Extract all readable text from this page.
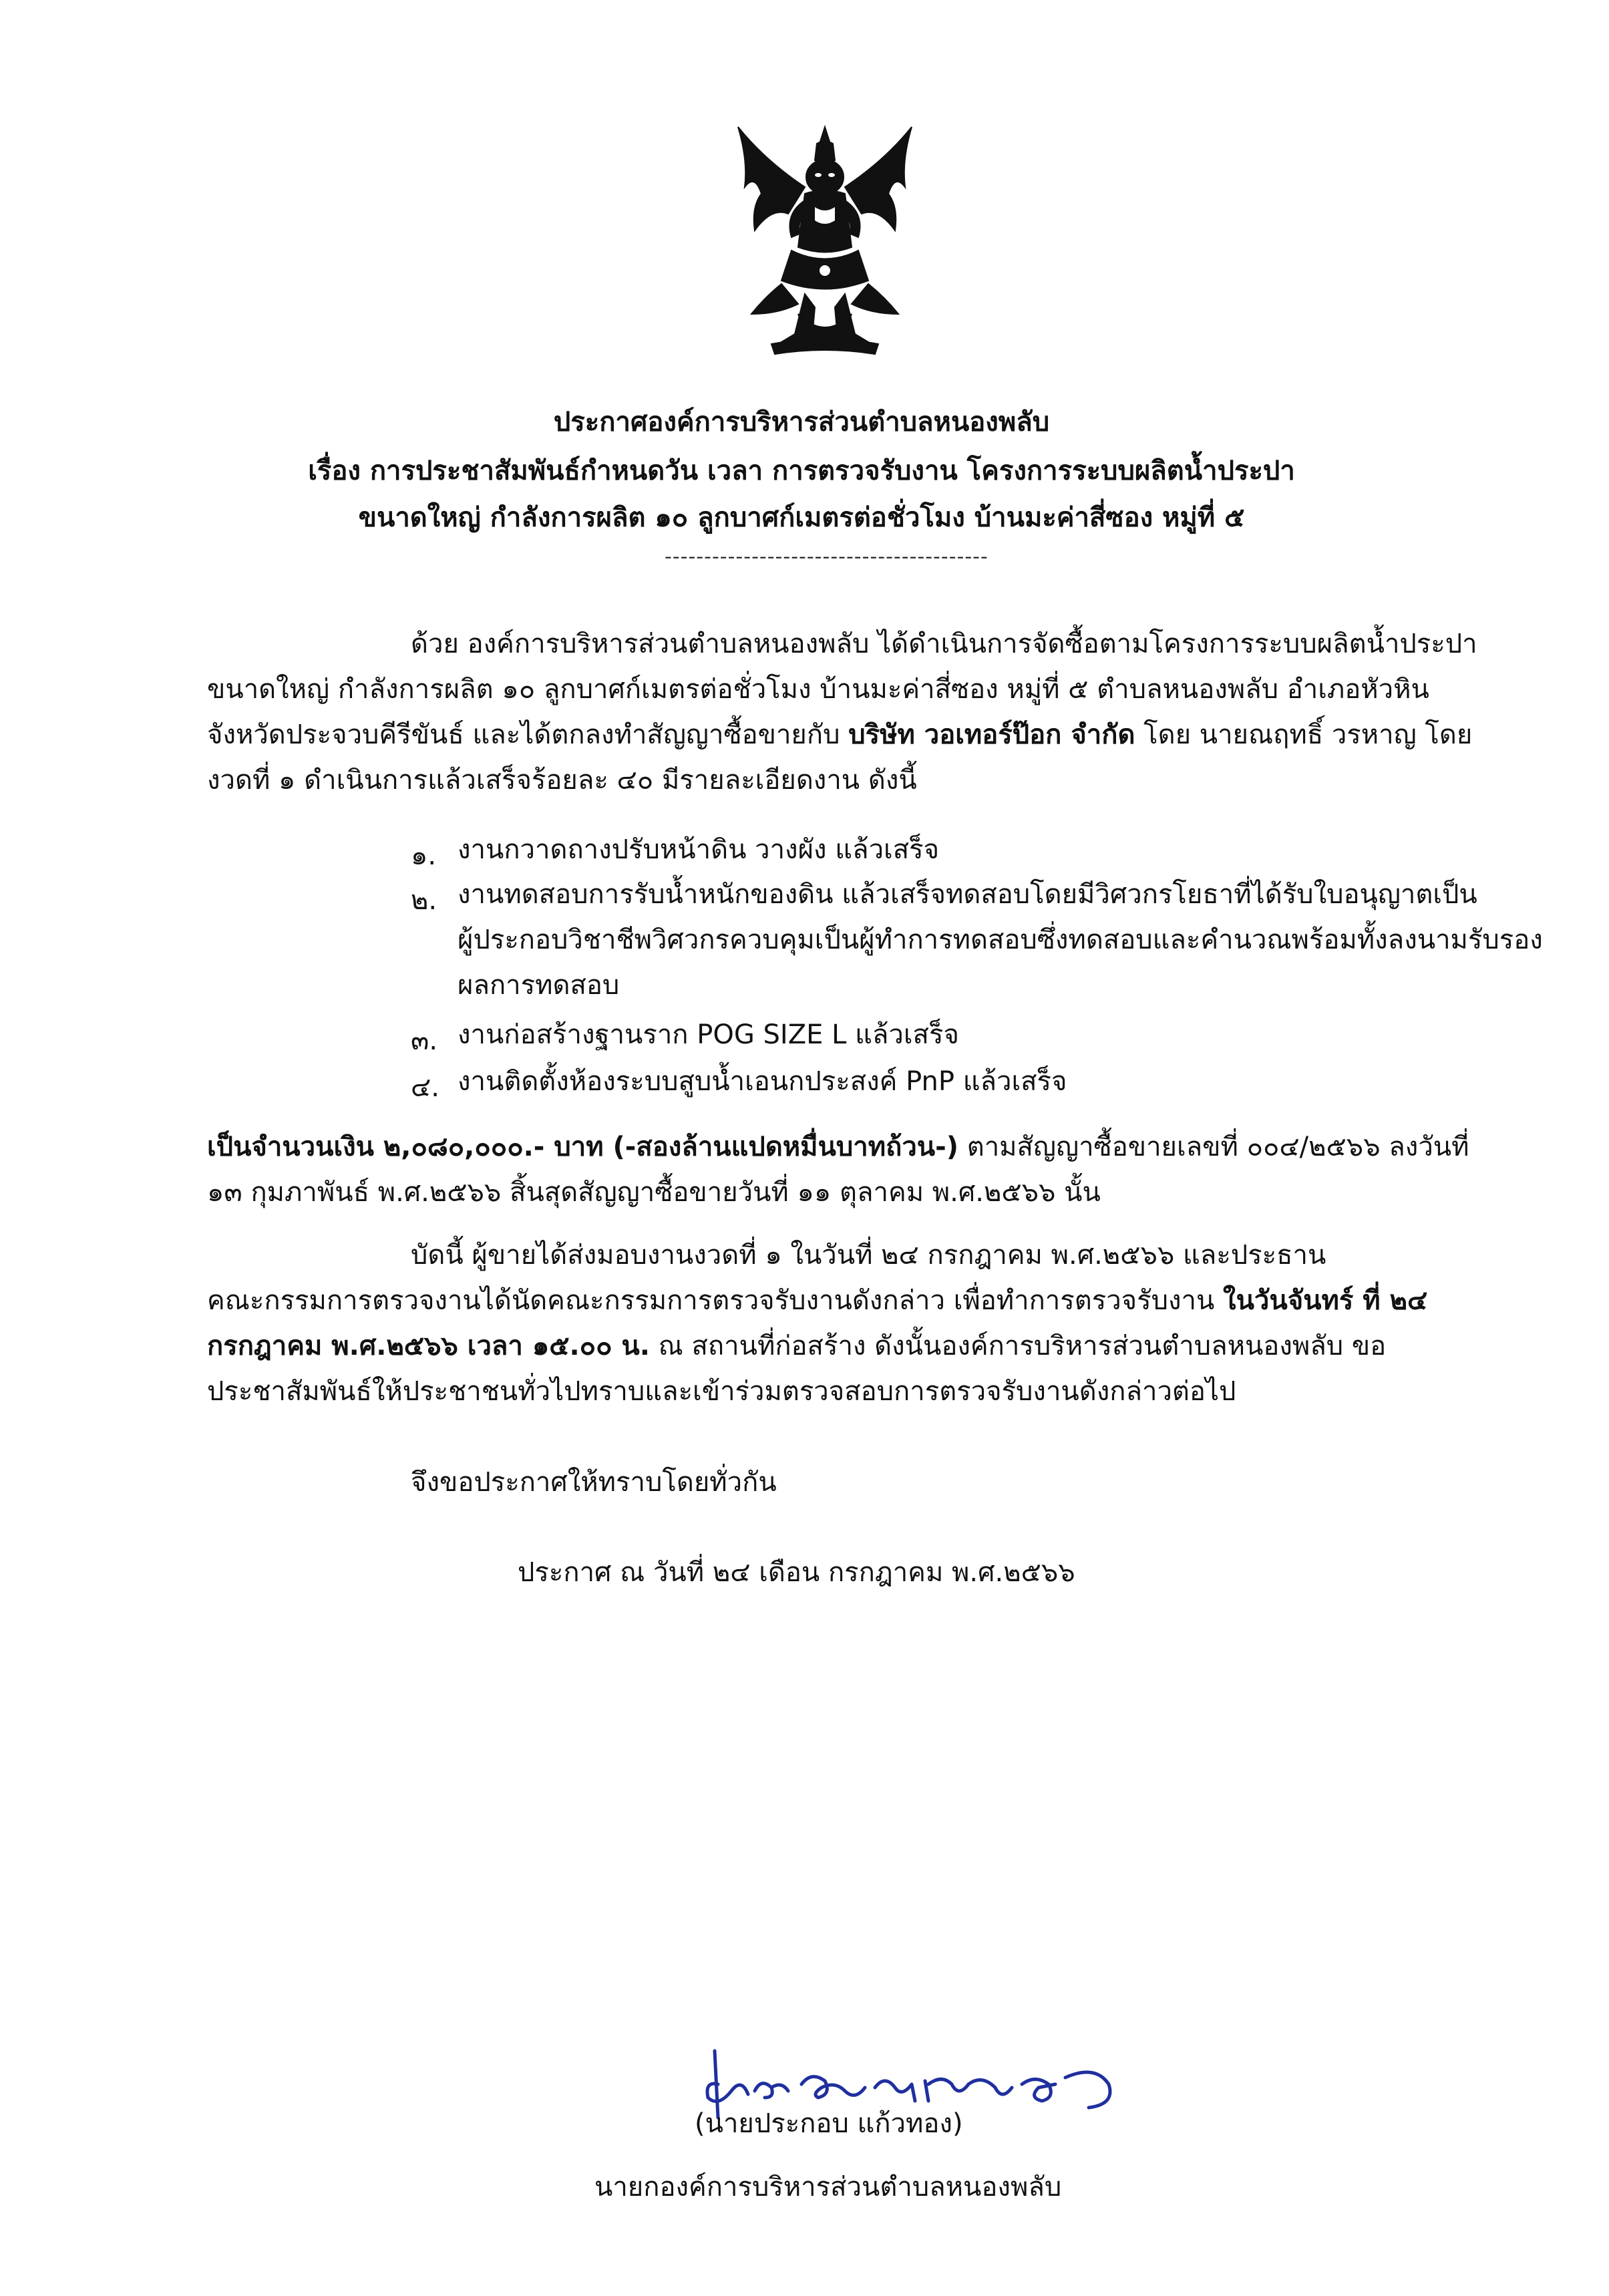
ประกาศองค์การบริหารส่วนตำบลหนองพลับ
เรื่อง การประชาสัมพันธ์กำหนดวัน เวลา การตรวจรับงาน โครงการระบบผลิตน้ำประปา
ขนาดใหญ่ กำลังการผลิต ๑๐ ลูกบาศก์เมตรต่อชั่วโมง บ้านมะค่าสี่ซอง หมู่ที่ ๕
-----------------------------------------
ด้วย องค์การบริหารส่วนตำบลหนองพลับ ได้ดำเนินการจัดซื้อตามโครงการระบบผลิตน้ำประปา
ขนาดใหญ่ กำลังการผลิต ๑๐ ลูกบาศก์เมตรต่อชั่วโมง บ้านมะค่าสี่ซอง หมู่ที่ ๕ ตำบลหนองพลับ อำเภอหัวหิน
จังหวัดประจวบคีรีขันธ์ และได้ตกลงทำสัญญาซื้อขายกับ บริษัท วอเทอร์ป๊อก จำกัด โดย นายณฤทธิ์ วรหาญ โดย
งวดที่ ๑ ดำเนินการแล้วเสร็จร้อยละ ๔๐ มีรายละเอียดงาน ดังนี้
๑. งานกวาดถางปรับหน้าดิน วางผัง แล้วเสร็จ
๒. งานทดสอบการรับน้ำหนักของดิน แล้วเสร็จทดสอบโดยมีวิศวกรโยธาที่ได้รับใบอนุญาตเป็น
ผู้ประกอบวิชาชีพวิศวกรควบคุมเป็นผู้ทำการทดสอบซึ่งทดสอบและคำนวณพร้อมทั้งลงนามรับรอง
ผลการทดสอบ
๓. งานก่อสร้างฐานราก POG SIZE L แล้วเสร็จ
๔. งานติดตั้งห้องระบบสูบน้ำเอนกประสงค์ PnP แล้วเสร็จ
เป็นจำนวนเงิน ๒,๐๘๐,๐๐๐.- บาท (-สองล้านแปดหมื่นบาทถ้วน-) ตามสัญญาซื้อขายเลขที่ ๐๐๔/๒๕๖๖ ลงวันที่
๑๓ กุมภาพันธ์ พ.ศ.๒๕๖๖ สิ้นสุดสัญญาซื้อขายวันที่ ๑๑ ตุลาคม พ.ศ.๒๕๖๖ นั้น
บัดนี้ ผู้ขายได้ส่งมอบงานงวดที่ ๑ ในวันที่ ๒๔ กรกฎาคม พ.ศ.๒๕๖๖ และประธาน
คณะกรรมการตรวจงานได้นัดคณะกรรมการตรวจรับงานดังกล่าว เพื่อทำการตรวจรับงาน ในวันจันทร์ ที่ ๒๔
กรกฎาคม พ.ศ.๒๕๖๖ เวลา ๑๕.๐๐ น. ณ สถานที่ก่อสร้าง ดังนั้นองค์การบริหารส่วนตำบลหนองพลับ ขอ
ประชาสัมพันธ์ให้ประชาชนทั่วไปทราบและเข้าร่วมตรวจสอบการตรวจรับงานดังกล่าวต่อไป
จึงขอประกาศให้ทราบโดยทั่วกัน
ประกาศ ณ วันที่ ๒๔ เดือน กรกฎาคม พ.ศ.๒๕๖๖
(นายประกอบ แก้วทอง)
นายกองค์การบริหารส่วนตำบลหนองพลับ
